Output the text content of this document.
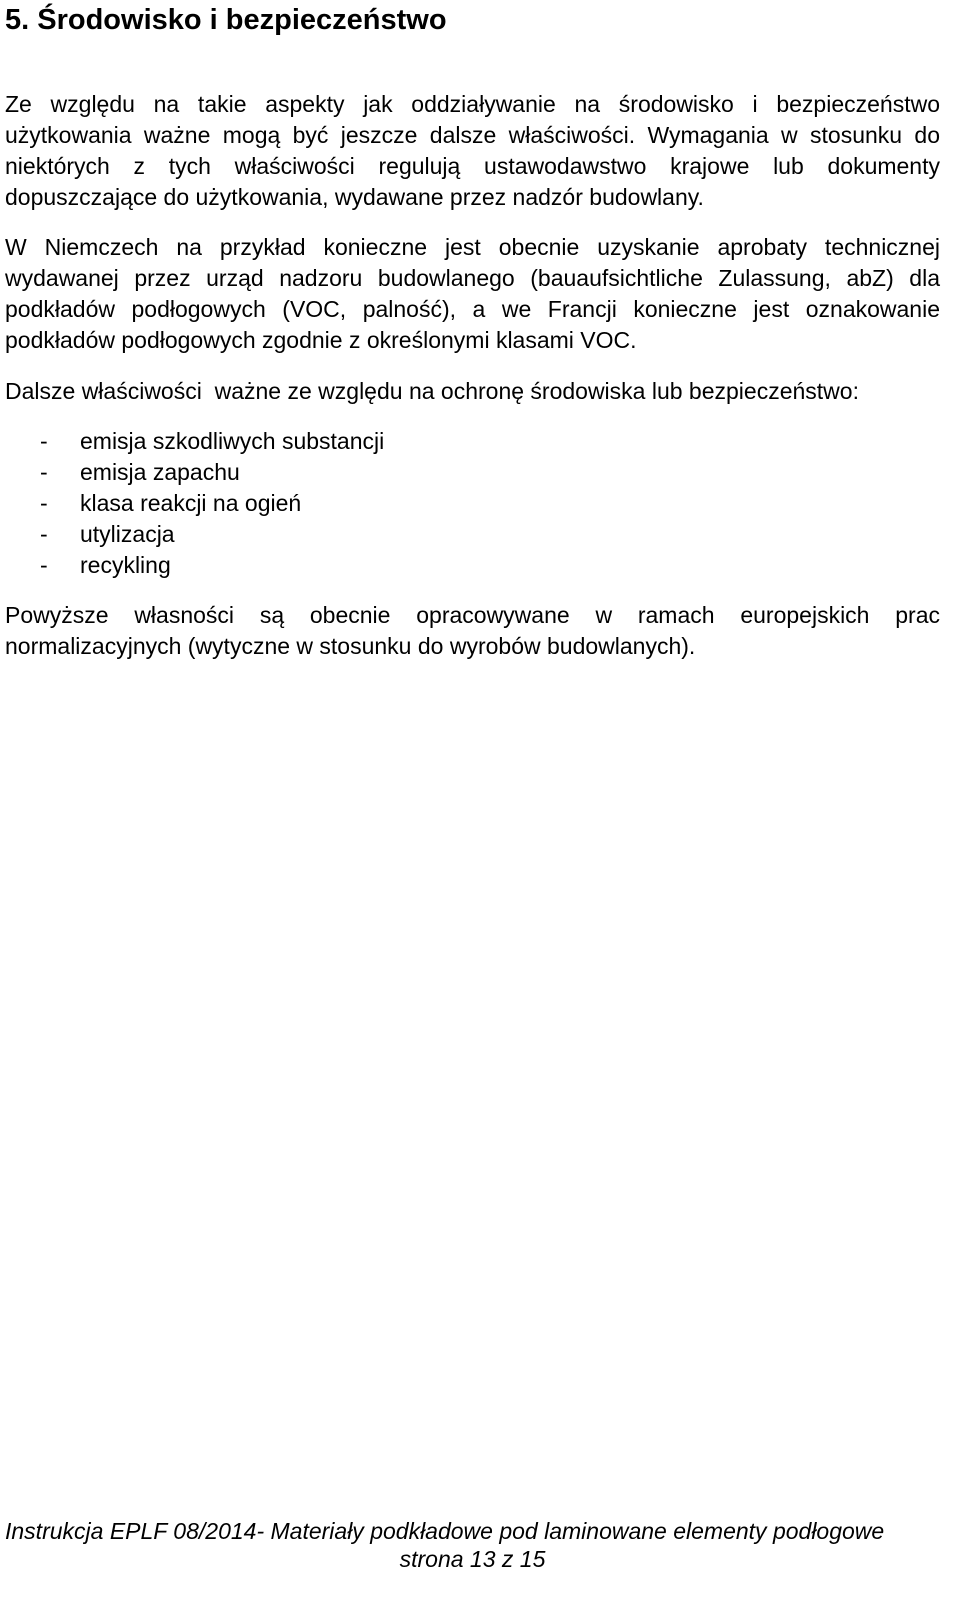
5. Środowisko i bezpieczeństwo
Ze względu na takie aspekty jak oddziaływanie na środowisko i bezpieczeństwo
użytkowania ważne mogą być jeszcze dalsze właściwości. Wymagania w stosunku do
niektórych z tych właściwości regulują ustawodawstwo krajowe lub dokumenty
dopuszczające do użytkowania, wydawane przez nadzór budowlany.
W Niemczech na przykład konieczne jest obecnie uzyskanie aprobaty technicznej
wydawanej przez urząd nadzoru budowlanego (bauaufsichtliche Zulassung, abZ) dla
podkładów podłogowych (VOC, palność), a we Francji konieczne jest oznakowanie
podkładów podłogowych zgodnie z określonymi klasami VOC.
Dalsze właściwości  ważne ze względu na ochronę środowiska lub bezpieczeństwo:
- emisja szkodliwych substancji
- emisja zapachu
- klasa reakcji na ogień
- utylizacja
- recykling
Powyższe własności są obecnie opracowywane w ramach europejskich prac
normalizacyjnych (wytyczne w stosunku do wyrobów budowlanych).
Instrukcja EPLF 08/2014- Materiały podkładowe pod laminowane elementy podłogowe
strona 13 z 15
